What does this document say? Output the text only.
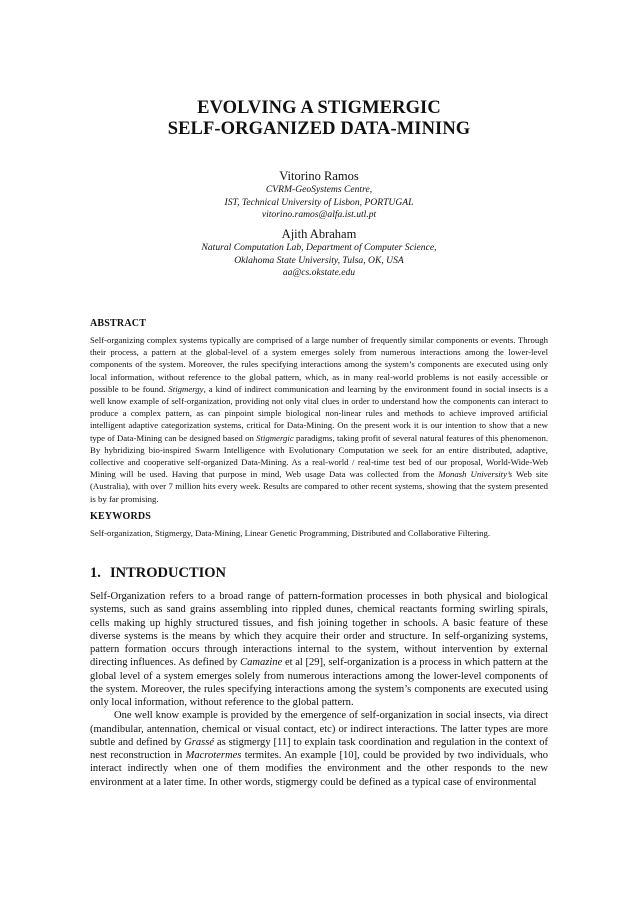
EVOLVING A STIGMERGIC
SELF-ORGANIZED DATA-MINING
Vitorino Ramos
CVRM-GeoSystems Centre,
IST, Technical University of Lisbon, PORTUGAL
vitorino.ramos@alfa.ist.utl.pt
Ajith Abraham
Natural Computation Lab, Department of Computer Science,
Oklahoma State University, Tulsa, OK, USA
aa@cs.okstate.edu
ABSTRACT
Self-organizing complex systems typically are comprised of a large number of frequently similar components or events. Through their process, a pattern at the global-level of a system emerges solely from numerous interactions among the lower-level components of the system. Moreover, the rules specifying interactions among the system’s components are executed using only local information, without reference to the global pattern, which, as in many real-world problems is not easily accessible or possible to be found. Stigmergy, a kind of indirect communication and learning by the environment found in social insects is a well know example of self-organization, providing not only vital clues in order to understand how the components can interact to produce a complex pattern, as can pinpoint simple biological non-linear rules and methods to achieve improved artificial intelligent adaptive categorization systems, critical for Data-Mining. On the present work it is our intention to show that a new type of Data-Mining can be designed based on Stigmergic paradigms, taking profit of several natural features of this phenomenon. By hybridizing bio-inspired Swarm Intelligence with Evolutionary Computation we seek for an entire distributed, adaptive, collective and cooperative self-organized Data-Mining. As a real-world / real-time test bed of our proposal, World-Wide-Web Mining will be used. Having that purpose in mind, Web usage Data was collected from the Monash University’s Web site (Australia), with over 7 million hits every week. Results are compared to other recent systems, showing that the system presented is by far promising.
KEYWORDS
Self-organization, Stigmergy, Data-Mining, Linear Genetic Programming, Distributed and Collaborative Filtering.
1. INTRODUCTION

Self-Organization refers to a broad range of pattern-formation processes in both physical and biological systems, such as sand grains assembling into rippled dunes, chemical reactants forming swirling spirals, cells making up highly structured tissues, and fish joining together in schools. A basic feature of these diverse systems is the means by which they acquire their order and structure. In self-organizing systems, pattern formation occurs through interactions internal to the system, without intervention by external directing influences. As defined by Camazine et al [29], self-organization is a process in which pattern at the global level of a system emerges solely from numerous interactions among the lower-level components of the system. Moreover, the rules specifying interactions among the system’s components are executed using only local information, without reference to the global pattern.

One well know example is provided by the emergence of self-organization in social insects, via direct (mandibular, antennation, chemical or visual contact, etc) or indirect interactions. The latter types are more subtle and defined by Grassé as stigmergy [11] to explain task coordination and regulation in the context of nest reconstruction in Macrotermes termites. An example [10], could be provided by two individuals, who interact indirectly when one of them modifies the environment and the other responds to the new environment at a later time. In other words, stigmergy could be defined as a typical case of environmental
